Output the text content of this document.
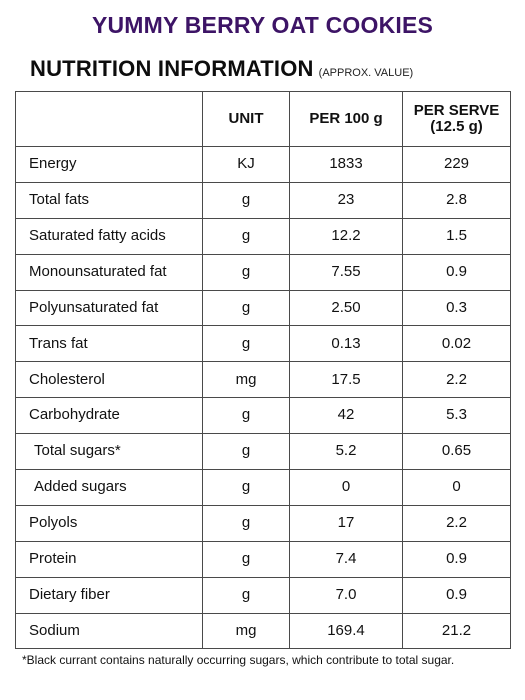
YUMMY BERRY OAT COOKIES
NUTRITION INFORMATION (APPROX. VALUE)
	UNIT	PER 100 g	PER SERVE
(12.5 g)
Energy	KJ	1833	229
Total fats	g	23	2.8
Saturated fatty acids	g	12.2	1.5
Monounsaturated fat	g	7.55	0.9
Polyunsaturated fat	g	2.50	0.3
Trans fat	g	0.13	0.02
Cholesterol	mg	17.5	2.2
Carbohydrate	g	42	5.3
Total sugars*	g	5.2	0.65
Added sugars	g	0	0
Polyols	g	17	2.2
Protein	g	7.4	0.9
Dietary fiber	g	7.0	0.9
Sodium	mg	169.4	21.2
*Black currant contains naturally occurring sugars, which contribute to total sugar.
